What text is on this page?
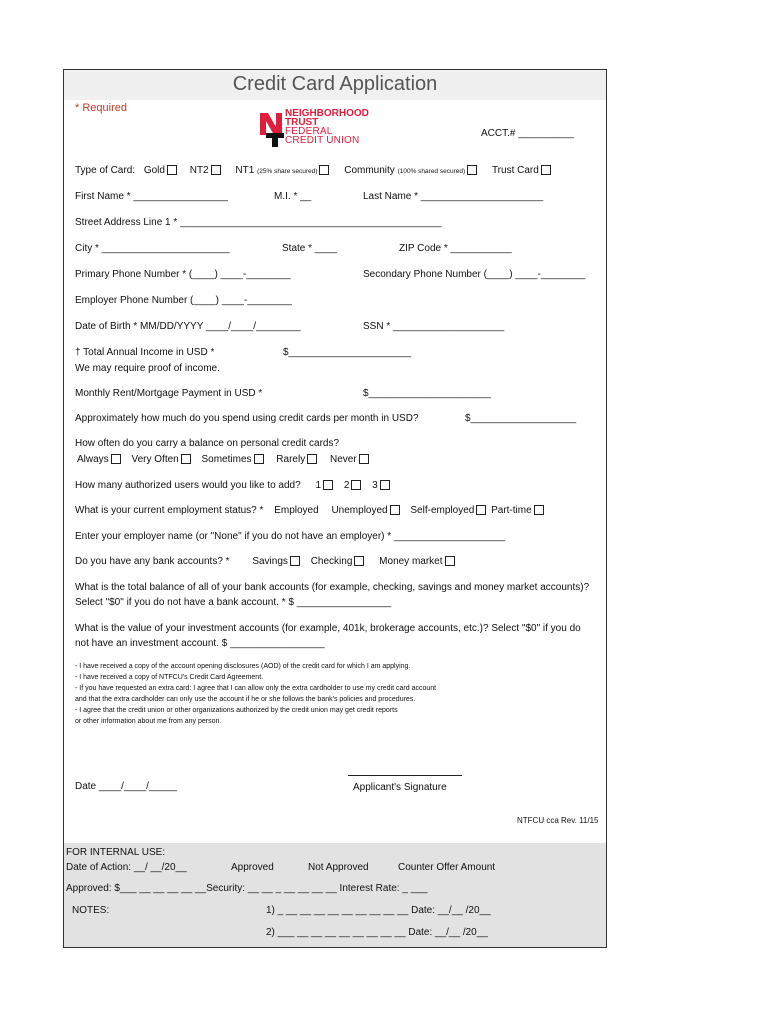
Credit Card Application
* Required	NEIGHBORHOOD
TRUST
FEDERAL
CREDIT UNION
ACCT.# __________
Type of Card: Gold NT2	NT1 (25% share secured)	Community (100% shared secured)	Trust Card
First Name * _________________	M.I. * __	Last Name * ______________________
Street Address Line 1 * _______________________________________________
City * _______________________	State * ____	ZIP Code * ___________
Primary Phone Number * (____) ____-________	Secondary Phone Number (____) ____-________
Employer Phone Number (____) ____-________
Date of Birth * MM/DD/YYYY ____/____/________	SSN * ____________________
† Total Annual Income in USD *	$______________________
We may require proof of income.
Monthly Rent/Mortgage Payment in USD *	$______________________
Approximately how much do you spend using credit cards per month in USD?	$___________________
How often do you carry a balance on personal credit cards?
Always Very Often Sometimes Rarely Never
How many authorized users would you like to add? 1 2 3
What is your current employment status? * Employed Unemployed Self-employed Part-time
Enter your employer name (or "None" if you do not have an employer) * ____________________
Do you have any bank accounts? * Savings Checking	Money market
What is the total balance of all of your bank accounts (for example, checking, savings and money market accounts)?
Select "$0" if you do not have a bank account. * $ _________________
What is the value of your investment accounts (for example, 401k, brokerage accounts, etc.)? Select "$0" if you do
not have an investment account. $ _________________
- I have received a copy of the account opening disclosures (AOD) of the credit card for which I am applying.
- I have received a copy of NTFCU's Credit Card Agreement.
- If you have requested an extra card: I agree that I can allow only the extra cardholder to use my credit card account
and that the extra cardholder can only use the account if he or she follows the bank's policies and procedures.
- I agree that the credit union or other organizations authorized by the credit union may get credit reports
or other information about me from any person.
Date ____/____/_____	Applicant's Signature
NTFCU cca Rev. 11/15
FOR INTERNAL USE:
Date of Action: __/ __/20__	Approved	Not Approved	Counter Offer Amount
Approved: $___ __ __ __ __ __Security: __ __ _ __ __ __ __ Interest Rate: _ ___
NOTES:	1) _ __ __ __ __ __ __ __ __ __ Date: __/__ /20__
2) ___ __ __ __ __ __ __ __ __ Date: __/__ /20__
